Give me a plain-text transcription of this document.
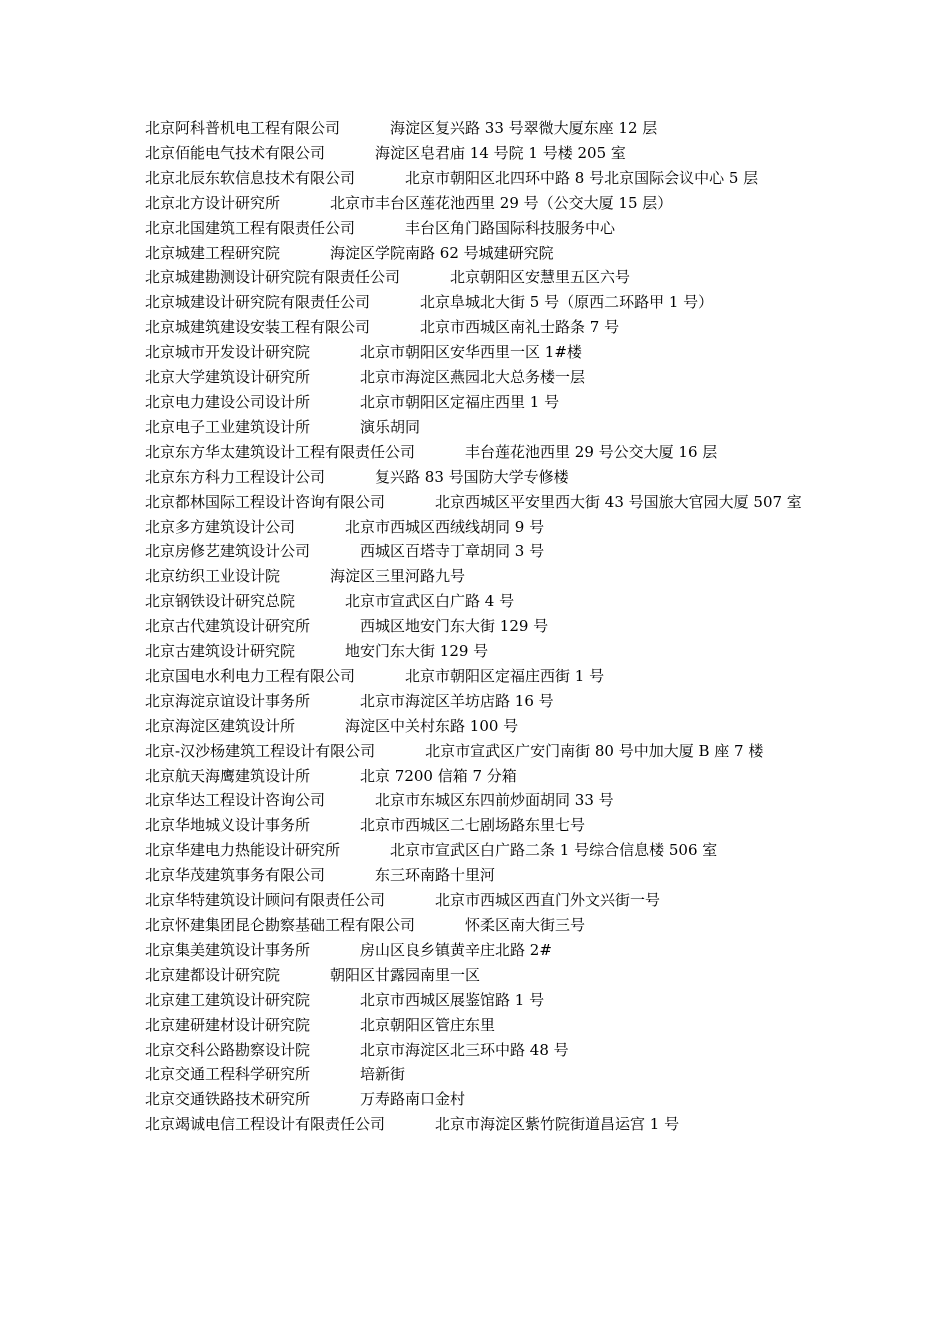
北京阿科普机电工程有限公司	海淀区复兴路 33 号翠微大厦东座 12 层
北京佰能电气技术有限公司	海淀区皂君庙 14 号院 1 号楼 205 室
北京北辰东软信息技术有限公司	北京市朝阳区北四环中路 8 号北京国际会议中心 5 层
北京北方设计研究所	北京市丰台区莲花池西里 29 号（公交大厦 15 层）
北京北国建筑工程有限责任公司	丰台区角门路国际科技服务中心
北京城建工程研究院	海淀区学院南路 62 号城建研究院
北京城建勘测设计研究院有限责任公司	北京朝阳区安慧里五区六号
北京城建设计研究院有限责任公司	北京阜城北大街 5 号（原西二环路甲 1 号）
北京城建筑建设安装工程有限公司	北京市西城区南礼士路条 7 号
北京城市开发设计研究院	北京市朝阳区安华西里一区 1#楼
北京大学建筑设计研究所	北京市海淀区燕园北大总务楼一层
北京电力建设公司设计所	北京市朝阳区定福庄西里 1 号
北京电子工业建筑设计所	演乐胡同
北京东方华太建筑设计工程有限责任公司	丰台莲花池西里 29 号公交大厦 16 层
北京东方科力工程设计公司	复兴路 83 号国防大学专修楼
北京都林国际工程设计咨询有限公司	北京西城区平安里西大街 43 号国旅大官园大厦 507 室
北京多方建筑设计公司	北京市西城区西绒线胡同 9 号
北京房修艺建筑设计公司	西城区百塔寺丁章胡同 3 号
北京纺织工业设计院	海淀区三里河路九号
北京钢铁设计研究总院	北京市宣武区白广路 4 号
北京古代建筑设计研究所	西城区地安门东大街 129 号
北京古建筑设计研究院	地安门东大街 129 号
北京国电水利电力工程有限公司	北京市朝阳区定福庄西街 1 号
北京海淀京谊设计事务所	北京市海淀区羊坊店路 16 号
北京海淀区建筑设计所	海淀区中关村东路 100 号
北京-汉沙杨建筑工程设计有限公司	北京市宣武区广安门南街 80 号中加大厦 B 座 7 楼
北京航天海鹰建筑设计所	北京 7200 信箱 7 分箱
北京华达工程设计咨询公司	北京市东城区东四前炒面胡同 33 号
北京华地城义设计事务所	北京市西城区二七剧场路东里七号
北京华建电力热能设计研究所	北京市宣武区白广路二条 1 号综合信息楼 506 室
北京华茂建筑事务有限公司	东三环南路十里河
北京华特建筑设计顾问有限责任公司	北京市西城区西直门外文兴街一号
北京怀建集团昆仑勘察基础工程有限公司	怀柔区南大街三号
北京集美建筑设计事务所	房山区良乡镇黄辛庄北路 2#
北京建都设计研究院	朝阳区甘露园南里一区
北京建工建筑设计研究院	北京市西城区展鉴馆路 1 号
北京建研建材设计研究院	北京朝阳区管庄东里
北京交科公路勘察设计院	北京市海淀区北三环中路 48 号
北京交通工程科学研究所	培新街
北京交通铁路技术研究所	万寿路南口金村
北京竭诚电信工程设计有限责任公司	北京市海淀区紫竹院街道昌运宫 1 号
